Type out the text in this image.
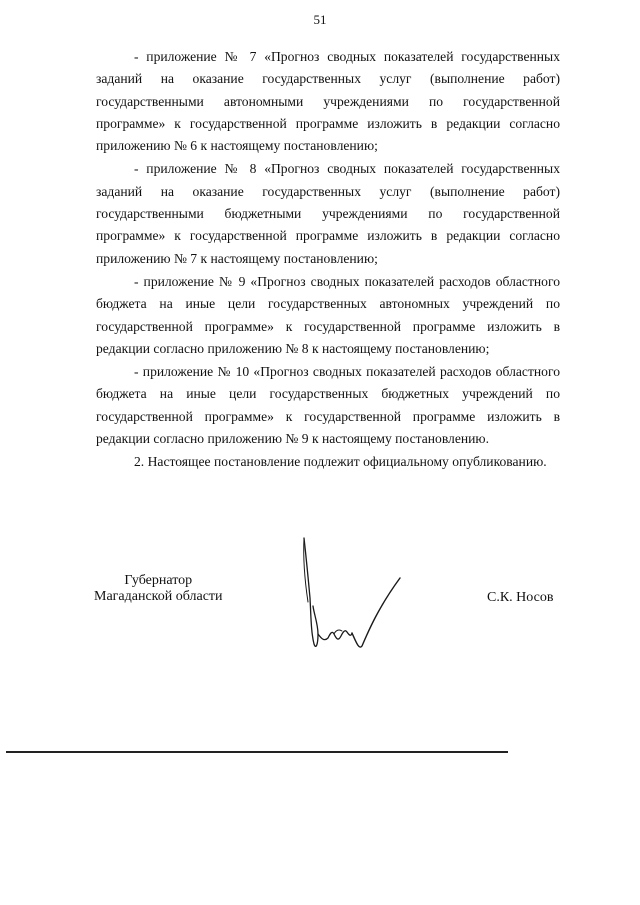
51

- приложение № 7 «Прогноз сводных показателей государственных заданий на оказание государственных услуг (выполнение работ) государственными автономными учреждениями по государственной программе» к государственной программе изложить в редакции согласно приложению № 6 к настоящему постановлению;

- приложение № 8 «Прогноз сводных показателей государственных заданий на оказание государственных услуг (выполнение работ) государственными бюджетными учреждениями по государственной программе» к государственной программе изложить в редакции согласно приложению № 7 к настоящему постановлению;

- приложение № 9 «Прогноз сводных показателей расходов областного бюджета на иные цели государственных автономных учреждений по государственной программе» к государственной программе изложить в редакции согласно приложению № 8 к настоящему постановлению;

- приложение № 10 «Прогноз сводных показателей расходов областного бюджета на иные цели государственных бюджетных учреждений по государственной программе» к государственной программе изложить в редакции согласно приложению № 9 к настоящему постановлению.

2. Настоящее постановление подлежит официальному опубликованию.

Губернатор
Магаданской области	С.К. Носов
